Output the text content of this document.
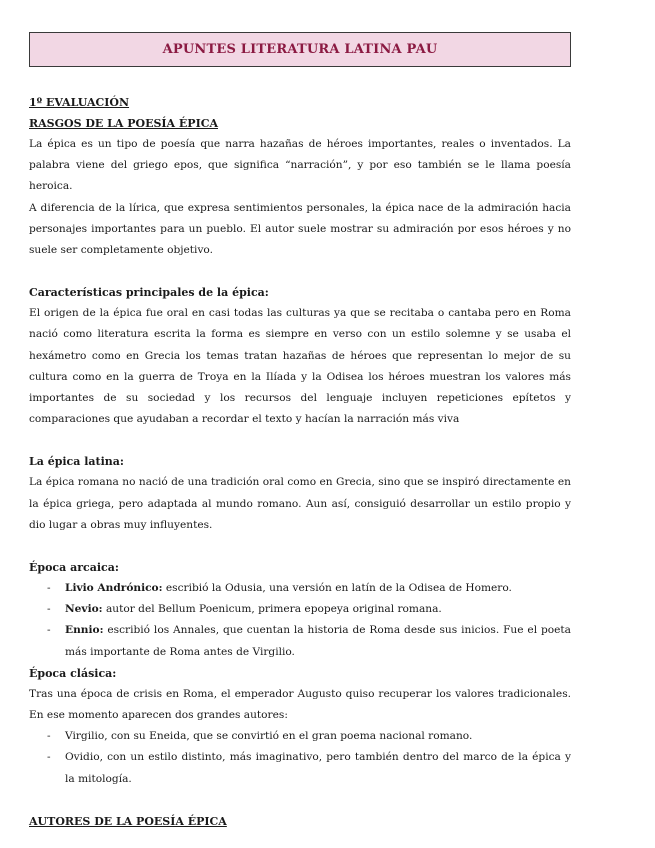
APUNTES LITERATURA LATINA PAU
1º EVALUACIÓN
RASGOS DE LA POESÍA ÉPICA

La épica es un tipo de poesía que narra hazañas de héroes importantes, reales o inventados. La palabra viene del griego epos, que significa “narración”, y por eso también se le llama poesía heroica.

A diferencia de la lírica, que expresa sentimientos personales, la épica nace de la admiración hacia personajes importantes para un pueblo. El autor suele mostrar su admiración por esos héroes y no suele ser completamente objetivo.

Características principales de la épica:

El origen de la épica fue oral en casi todas las culturas ya que se recitaba o cantaba pero en Roma nació como literatura escrita la forma es siempre en verso con un estilo solemne y se usaba el hexámetro como en Grecia los temas tratan hazañas de héroes que representan lo mejor de su cultura como en la guerra de Troya en la Ilíada y la Odisea los héroes muestran los valores más importantes de su sociedad y los recursos del lenguaje incluyen repeticiones epítetos y comparaciones que ayudaban a recordar el texto y hacían la narración más viva

La épica latina:

La épica romana no nació de una tradición oral como en Grecia, sino que se inspiró directamente en la épica griega, pero adaptada al mundo romano. Aun así, consiguió desarrollar un estilo propio y dio lugar a obras muy influyentes.

Época arcaica:
- Livio Andrónico: escribió la Odusia, una versión en latín de la Odisea de Homero.
- Nevio: autor del Bellum Poenicum, primera epopeya original romana.
- Ennio: escribió los Annales, que cuentan la historia de Roma desde sus inicios. Fue el poeta más importante de Roma antes de Virgilio.
Época clásica:

Tras una época de crisis en Roma, el emperador Augusto quiso recuperar los valores tradicionales. En ese momento aparecen dos grandes autores:

- Virgilio, con su Eneida, que se convirtió en el gran poema nacional romano.
- Ovidio, con un estilo distinto, más imaginativo, pero también dentro del marco de la épica y la mitología.
AUTORES DE LA POESÍA ÉPICA
